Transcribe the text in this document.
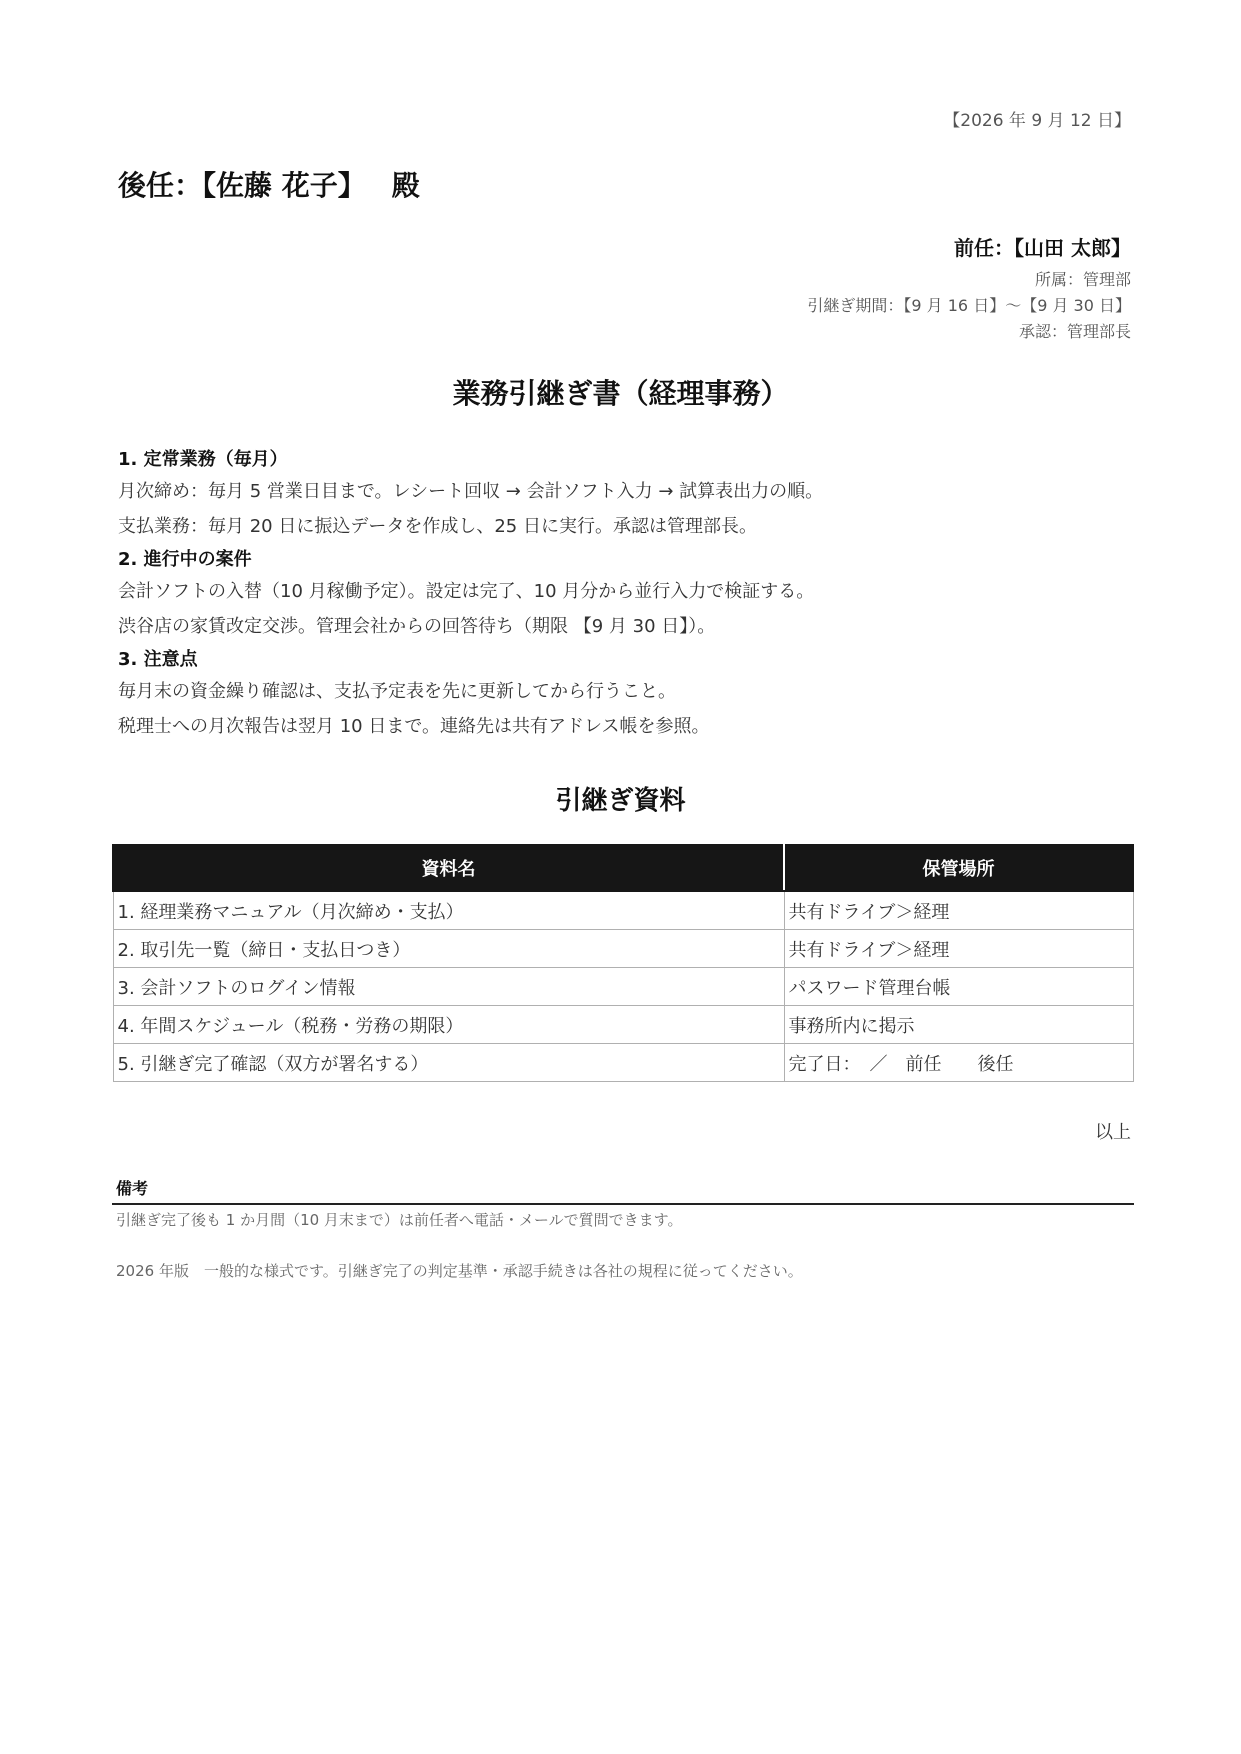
【2026 年 9 月 12 日】
後任：【佐藤 花子】 殿
前任：【山田 太郎】
所属：管理部
引継ぎ期間：【9 月 16 日】〜【9 月 30 日】
承認：管理部長
業務引継ぎ書（経理事務）
1. 定常業務（毎月）
月次締め：毎月 5 営業日目まで。レシート回収 → 会計ソフト入力 → 試算表出力の順。
支払業務：毎月 20 日に振込データを作成し、25 日に実行。承認は管理部長。
2. 進行中の案件
会計ソフトの入替（10 月稼働予定）。設定は完了、10 月分から並行入力で検証する。
渋谷店の家賃改定交渉。管理会社からの回答待ち（期限 【9 月 30 日】）。
3. 注意点
毎月末の資金繰り確認は、支払予定表を先に更新してから行うこと。
税理士への月次報告は翌月 10 日まで。連絡先は共有アドレス帳を参照。
引継ぎ資料
資料名	保管場所
1. 経理業務マニュアル（月次締め・支払）	共有ドライブ＞経理
2. 取引先一覧（締日・支払日つき）	共有ドライブ＞経理
3. 会計ソフトのログイン情報	パスワード管理台帳
4. 年間スケジュール（税務・労務の期限）	事務所内に掲示
5. 引継ぎ完了確認（双方が署名する）	完了日：　／　前任　　後任
以上
備考
引継ぎ完了後も 1 か月間（10 月末まで）は前任者へ電話・メールで質問できます。
2026 年版　一般的な様式です。引継ぎ完了の判定基準・承認手続きは各社の規程に従ってください。
